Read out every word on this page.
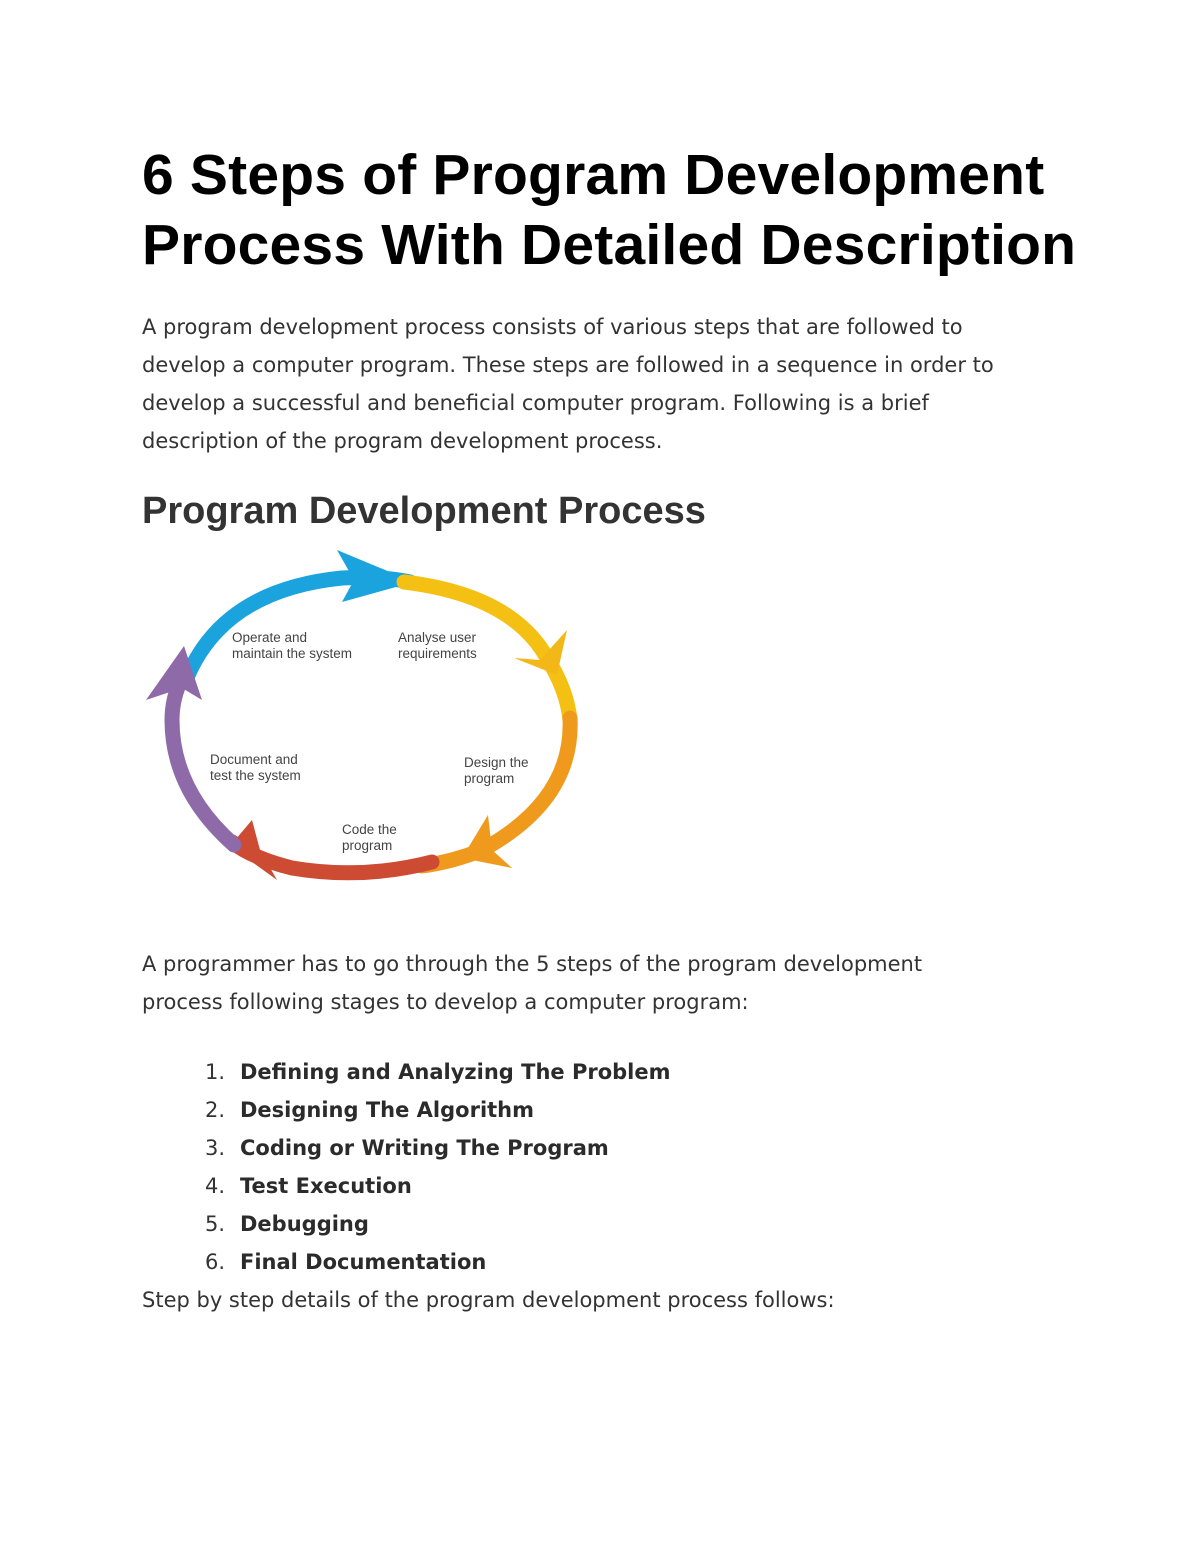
6 Steps of Program Development Process With Detailed Description

A program development process consists of various steps that are followed to
develop a computer program. These steps are followed in a sequence in order to
develop a successful and beneficial computer program. Following is a brief
description of the program development process.

Program Development Process
Operate and
maintain the system
Analyse user
requirements
Design the
program
Code the
program
Document and
test the system

A programmer has to go through the 5 steps of the program development
process following stages to develop a computer program:

1. Defining and Analyzing The Problem
2. Designing The Algorithm
3. Coding or Writing The Program
4. Test Execution
5. Debugging
6. Final Documentation

Step by step details of the program development process follows:
